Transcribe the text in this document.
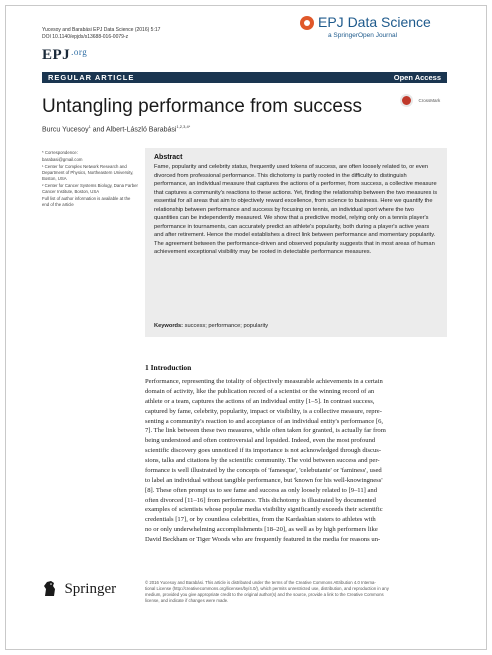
Yucesoy and Barabási EPJ Data Science (2016) 5:17
DOI 10.1140/epjds/s13688-016-0079-z
$EPJ^{.org}$
EPJ Data Science
a SpringerOpen Journal
REGULAR ARTICLE	Open Access
Untangling performance from success	CrossMark
Burcu Yucesoy$^1$ and Albert-László Barabási$^{1,2,3,4*}$

* Correspondence:

barabasi@gmail.com

¹ Center for Complex Network Research and Department of Physics, Northeastern University, Boston, USA

² Center for Cancer Systems Biology, Dana Farber Cancer Institute, Boston, USA

Full list of author information is available at the end of the article

Abstract
Fame, popularity and celebrity status, frequently used tokens of success, are often loosely related to, or even divorced from professional performance. This dichotomy is partly rooted in the difficulty to distinguish performance, an individual measure that captures the actions of a performer, from success, a collective measure that captures a community's reactions to these actions. Yet, finding the relationship between the two measures is essential for all areas that aim to objectively reward excellence, from science to business. Here we quantify the relationship between performance and success by focusing on tennis, an individual sport where the two quantities can be independently measured. We show that a predictive model, relying only on a tennis player's performance in tournaments, can accurately predict an athlete's popularity, both during a player's active years and after retirement. Hence the model establishes a direct link between performance and momentary popularity. The agreement between the performance-driven and observed popularity suggests that in most areas of human achievement exceptional visibility may be rooted in detectable performance measures.
Keywords: success; performance; popularity
1 Introduction
Performance, representing the totality of objectively measurable achievements in a certain
domain of activity, like the publication record of a scientist or the winning record of an
athlete or a team, captures the actions of an individual entity [1–5]. In contrast success,
captured by fame, celebrity, popularity, impact or visibility, is a collective measure, repre-
senting a community's reaction to and acceptance of an individual entity's performance [6,
7]. The link between these two measures, while often taken for granted, is actually far from
being understood and often controversial and lopsided. Indeed, even the most profound
scientific discovery goes unnoticed if its importance is not acknowledged through discus-
sions, talks and citations by the scientific community. The void between success and per-
formance is well illustrated by the concepts of 'famesque', 'celebutante' or 'faminess', used
to label an individual without tangible performance, but 'known for his well-knowingness'
[8]. These often prompt us to see fame and success as only loosely related to [9–11] and
often divorced [11–16] from performance. This dichotomy is illustrated by documented
examples of scientists whose popular media visibility significantly exceeds their scientific
credentials [17], or by countless celebrities, from the Kardashian sisters to athletes with
no or only underwhelming accomplishments [18–20], as well as by high performers like
David Beckham or Tiger Woods who are frequently featured in the media for reasons un-
Springer	© 2016 Yucesoy and Barabási. This article is distributed under the terms of the Creative Commons Attribution 4.0 Interna-
tional License (http://creativecommons.org/licenses/by/4.0/), which permits unrestricted use, distribution, and reproduction in any
medium, provided you give appropriate credit to the original author(s) and the source, provide a link to the Creative Commons
license, and indicate if changes were made.
